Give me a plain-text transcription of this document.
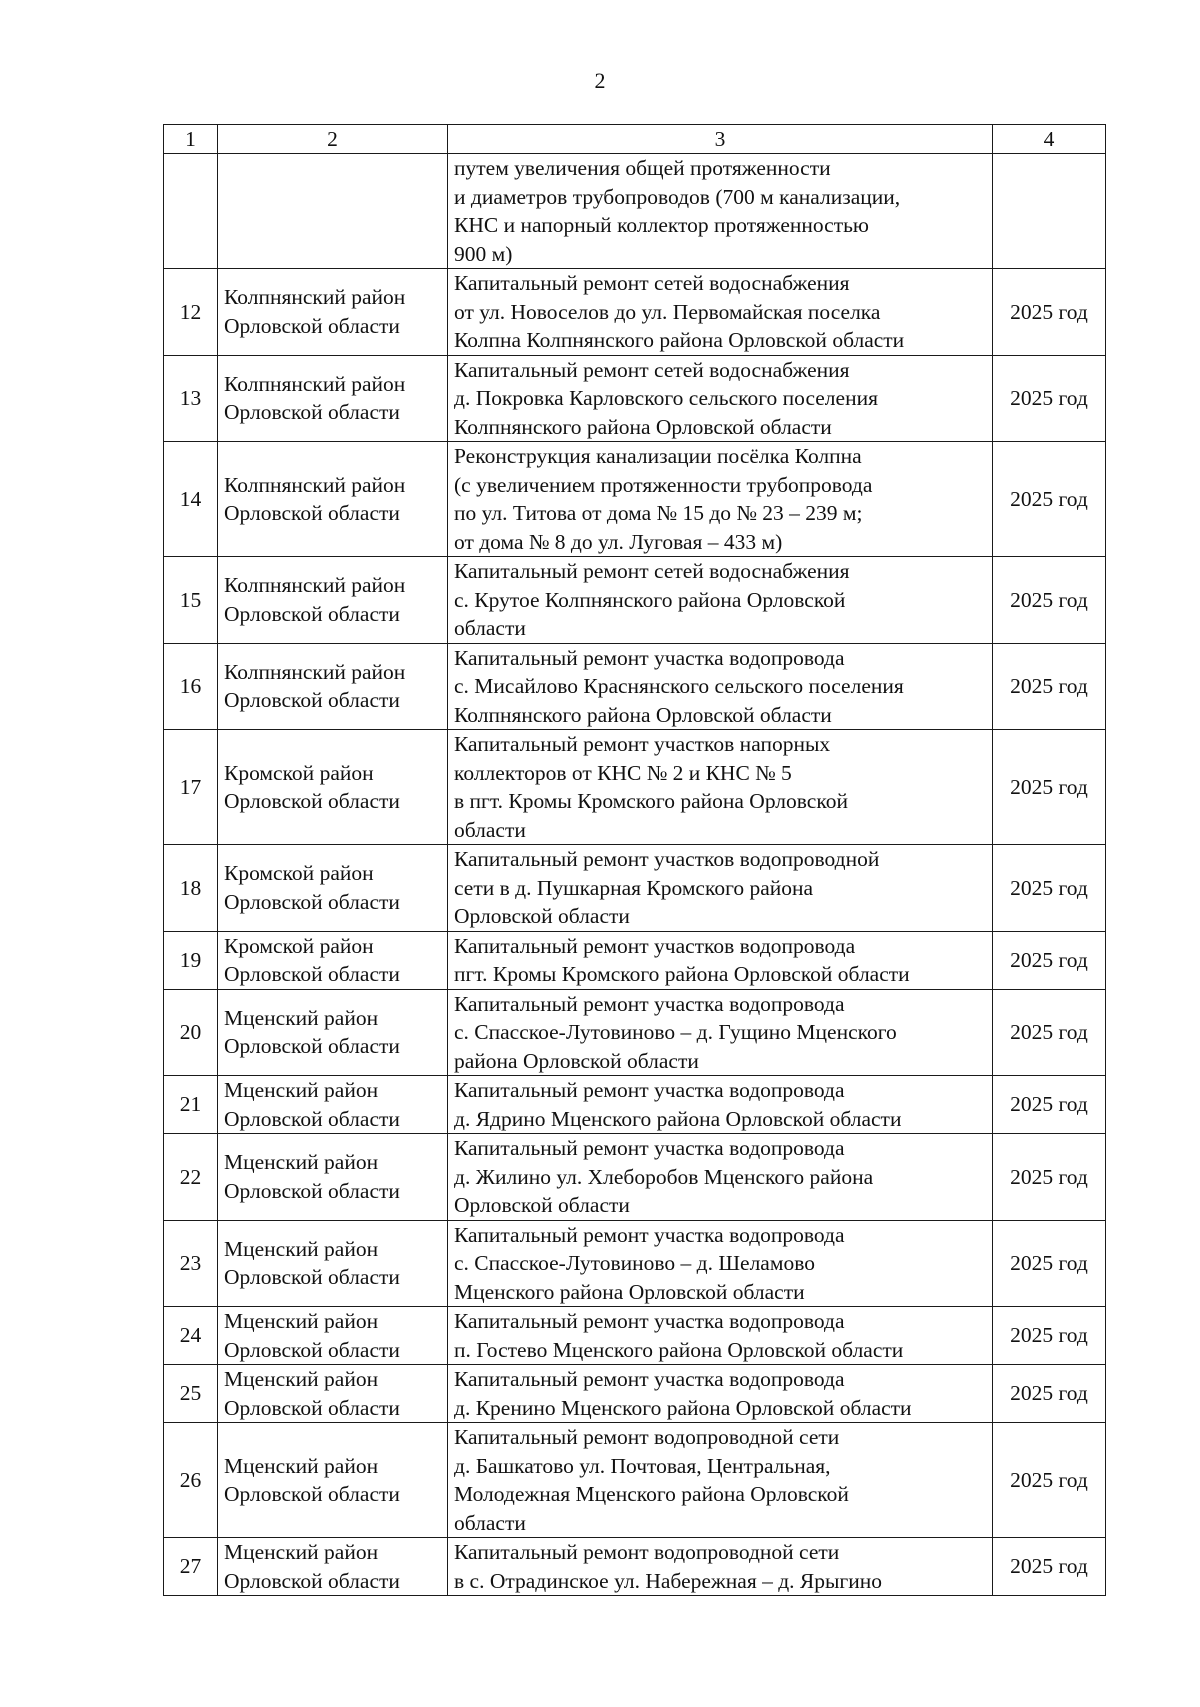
2
1	2	3	4

		путем увеличения общей протяженности
и диаметров трубопроводов (700 м канализации,
КНС и напорный коллектор протяженностью
900 м)	

12	Колпнянский район
Орловской области	Капитальный ремонт сетей водоснабжения
от ул. Новоселов до ул. Первомайская поселка
Колпна Колпнянского района Орловской области	2025 год
13	Колпнянский район
Орловской области	Капитальный ремонт сетей водоснабжения
д. Покровка Карловского сельского поселения
Колпнянского района Орловской области	2025 год
14	Колпнянский район
Орловской области	Реконструкция канализации посёлка Колпна
(с увеличением протяженности трубопровода
по ул. Титова от дома № 15 до № 23 – 239 м;
от дома № 8 до ул. Луговая – 433 м)	2025 год
15	Колпнянский район
Орловской области	Капитальный ремонт сетей водоснабжения
с. Крутое Колпнянского района Орловской
области	2025 год
16	Колпнянский район
Орловской области	Капитальный ремонт участка водопровода
с. Мисайлово Краснянского сельского поселения
Колпнянского района Орловской области	2025 год
17	Кромской район
Орловской области	Капитальный ремонт участков напорных
коллекторов от КНС № 2 и КНС № 5
в пгт. Кромы Кромского района Орловской
области	2025 год
18	Кромской район
Орловской области	Капитальный ремонт участков водопроводной
сети в д. Пушкарная Кромского района
Орловской области	2025 год
19	Кромской район
Орловской области	Капитальный ремонт участков водопровода
пгт. Кромы Кромского района Орловской области	2025 год
20	Мценский район
Орловской области	Капитальный ремонт участка водопровода
с. Спасское-Лутовиново – д. Гущино Мценского
района Орловской области	2025 год
21	Мценский район
Орловской области	Капитальный ремонт участка водопровода
д. Ядрино Мценского района Орловской области	2025 год
22	Мценский район
Орловской области	Капитальный ремонт участка водопровода
д. Жилино ул. Хлеборобов Мценского района
Орловской области	2025 год
23	Мценский район
Орловской области	Капитальный ремонт участка водопровода
с. Спасское-Лутовиново – д. Шеламово
Мценского района Орловской области	2025 год
24	Мценский район
Орловской области	Капитальный ремонт участка водопровода
п. Гостево Мценского района Орловской области	2025 год
25	Мценский район
Орловской области	Капитальный ремонт участка водопровода
д. Кренино Мценского района Орловской области	2025 год
26	Мценский район
Орловской области	Капитальный ремонт водопроводной сети
д. Башкатово ул. Почтовая, Центральная,
Молодежная Мценского района Орловской
области	2025 год
27	Мценский район
Орловской области	Капитальный ремонт водопроводной сети
в с. Отрадинское ул. Набережная – д. Ярыгино	2025 год
